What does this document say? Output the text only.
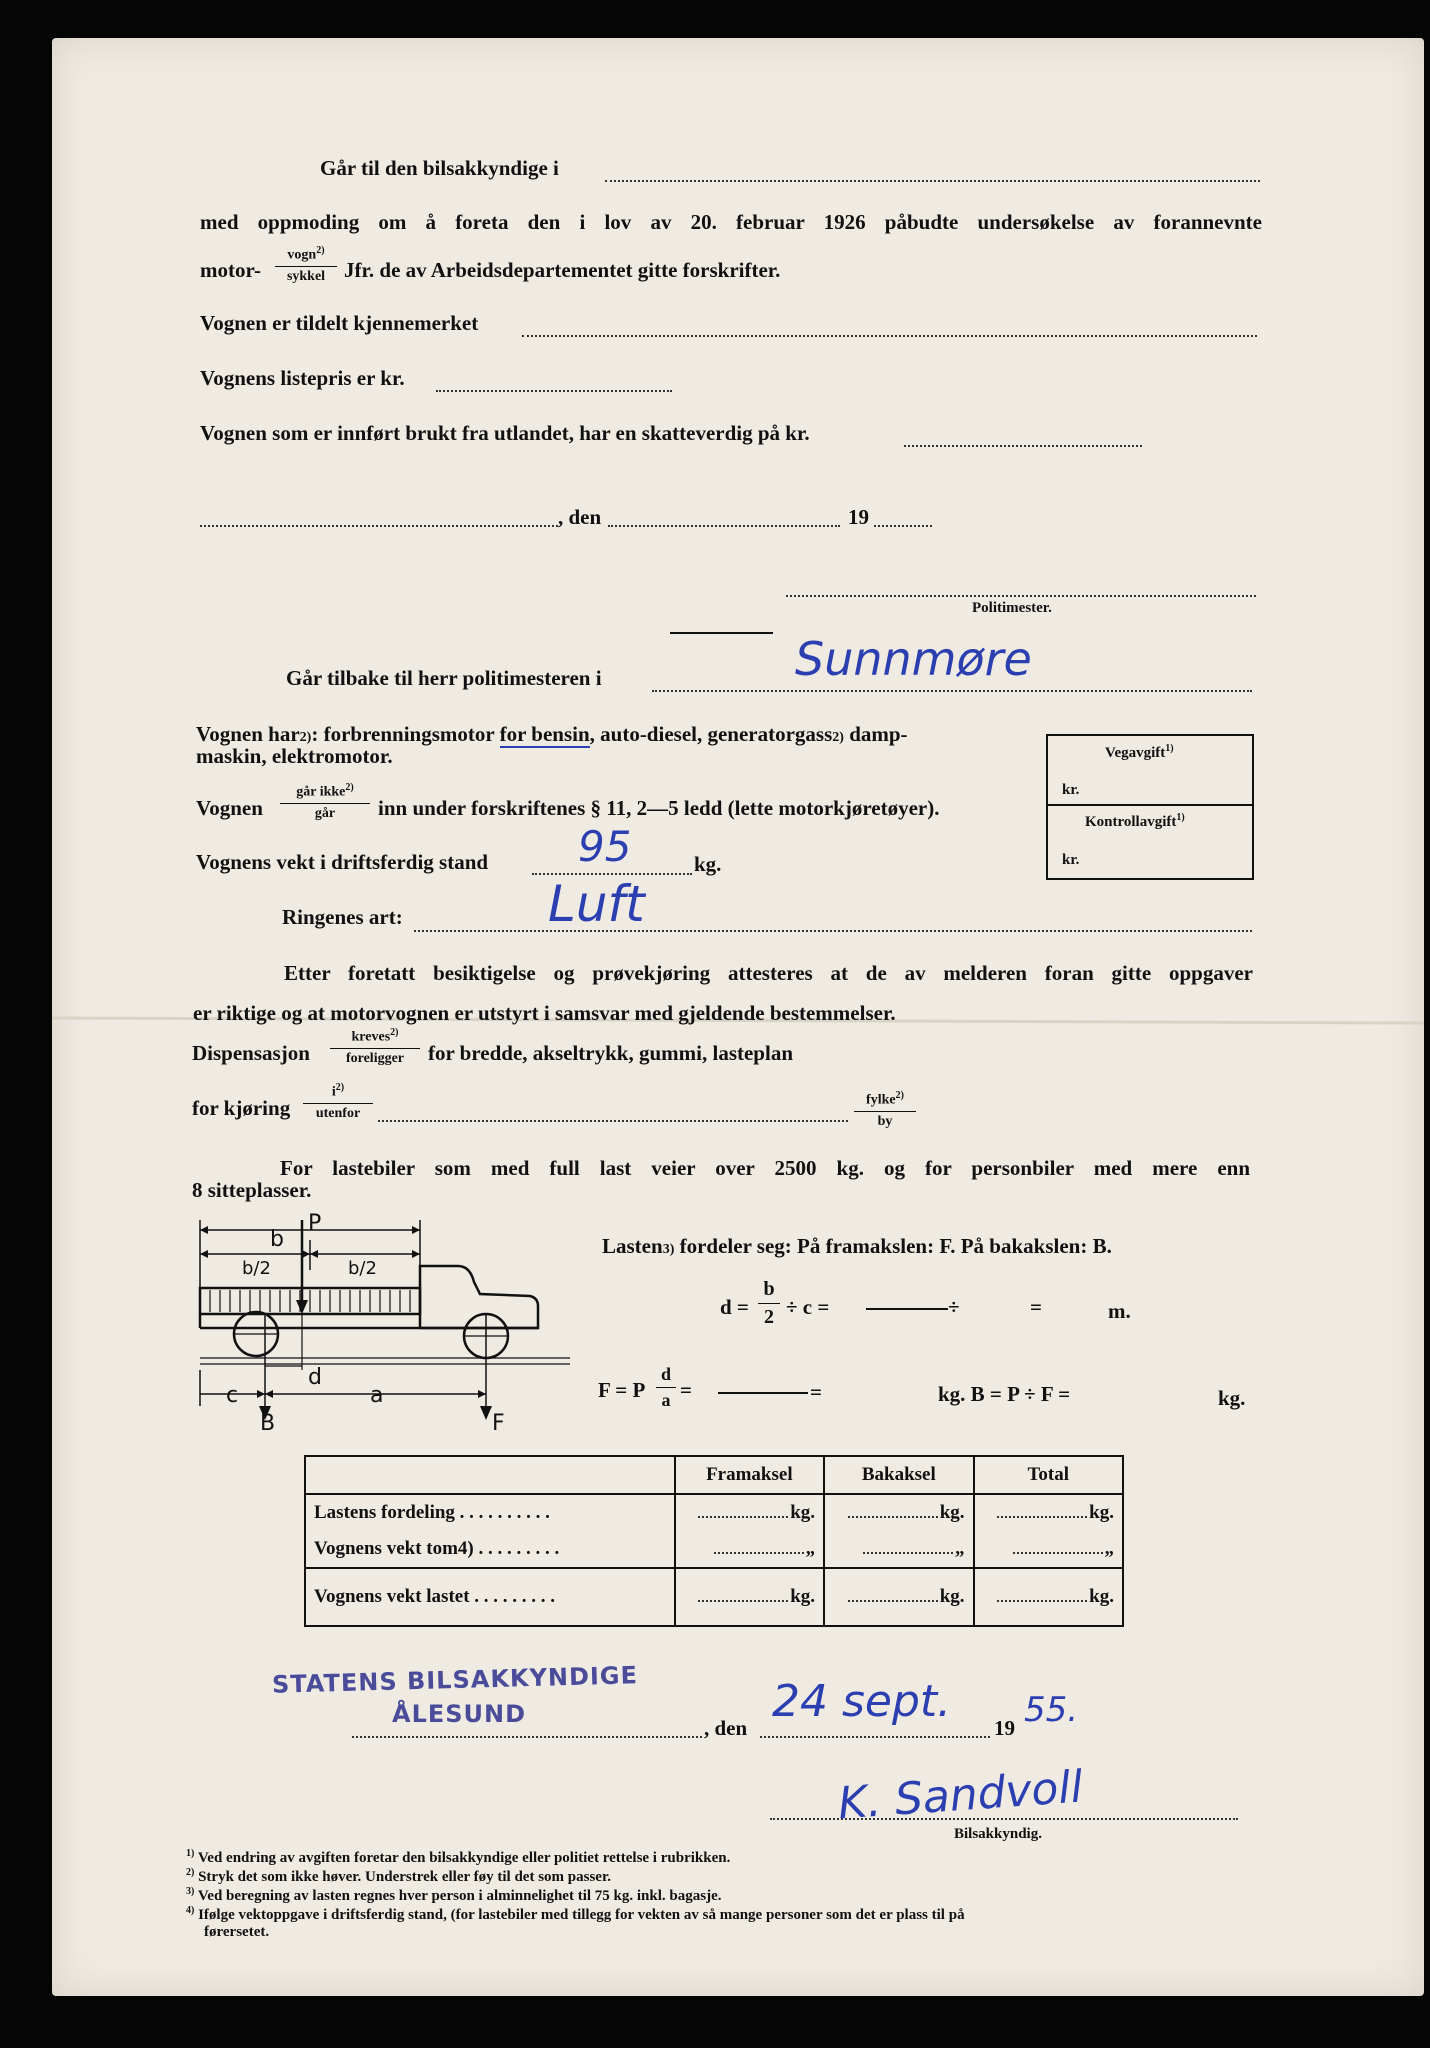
Går til den bilsakkyndige i
med oppmoding om å foreta den i lov av 20. februar 1926 påbudte undersøkelse av forannevnte
motor-
vogn$^{2)}$
sykkel Jfr. de av Arbeidsdepartementet gitte forskrifter.
Vognen er tildelt kjennemerket
Vognens listepris er kr.
Vognen som er innført brukt fra utlandet, har en skatteverdig på kr.
, den	19
Politimester.
Går tilbake til herr politimesteren i	Sunnmøre
Vognen har2): forbrenningsmotor for bensin, auto-diesel, generatorgass2) damp-
maskin, elektromotor.	Vegavgift$^{1)}$
kr.
Kontrollavgift$^{1)}$
kr.
Vognen
går ikke$^{2)}$
går	inn under forskriftenes § 11, 2—5 ledd (lette motorkjøretøyer).
Vognens vekt i driftsferdig stand 95	kg.
Ringenes art:	Luft
Etter foretatt besiktigelse og prøvekjøring attesteres at de av melderen foran gitte oppgaver
er riktige og at motorvognen er utstyrt i samsvar med gjeldende bestemmelser.
Dispensasjon
kreves$^{2)}$
foreligger	for bredde, akseltrykk, gummi, lasteplan
for kjøring
$i^{2)}$
utenfor
fylke$^{2)}$
by
For lastebiler som med full last veier over 2500 kg. og for personbiler med mere enn
8 sitteplasser.
P
b
b/2	b/2
c	a
d
B	F
Lasten3) fordeler seg: På framakslen: F. På bakakslen: B.
$d = \frac{b}{2} \div c$ =	÷	=	m.
F = P $\frac{d}{a}$ =	=	kg. B = P ÷ F =	kg.
	Framaksel	Bakaksel	Total
Lastens fordeling . . . . . . . . . .	kg.	kg.	kg.
Vognens vekt tom4) . . . . . . . . .	„	„	„
Vognens vekt lastet . . . . . . . . .	kg.	kg.	kg.
STATENS BILSAKKYNDIGE
ÅLESUND	, den
24 sept.
19 55.
K. Sandvoll
Bilsakkyndig.
$^{1)}$ Ved endring av avgiften foretar den bilsakkyndige eller politiet rettelse i rubrikken.
$^{2)}$ Stryk det som ikke høver. Understrek eller føy til det som passer.
$^{3)}$ Ved beregning av lasten regnes hver person i alminnelighet til 75 kg. inkl. bagasje.
$^{4)}$ Ifølge vektoppgave i driftsferdig stand, (for lastebiler med tillegg for vekten av så mange personer som det er plass til på
førersetet.
